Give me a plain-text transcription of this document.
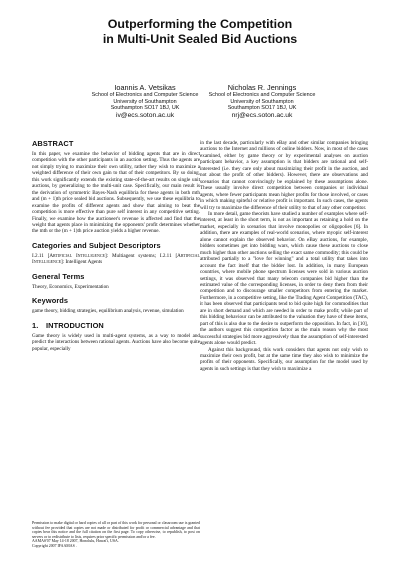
Outperforming the Competition
in Multi-Unit Sealed Bid Auctions
Ioannis A. Vetsikas
School of Electronics and Computer Science
University of Southampton
Southampton SO17 1BJ, UK
iv@ecs.soton.ac.uk
Nicholas R. Jennings
School of Electronics and Computer Science
University of Southampton
Southampton SO17 1BJ, UK
nrj@ecs.soton.ac.uk
ABSTRACT

In this paper, we examine the behavior of bidding agents that are in direct competition with the other participants in an auction setting. Thus the agents are not simply trying to maximize their own utility, rather they wish to maximize a weighted difference of their own gain to that of their competitors. By so doing, this work significantly extends the existing state-of-the-art results on single unit auctions, by generalizing to the multi-unit case. Specifically, our main result is the derivation of symmetric Bayes-Nash equilibria for these agents in both mth and (m + 1)th price sealed bid auctions. Subsequently, we use these equilibria to examine the profits of different agents and show that aiming to beat the competition is more effective than pure self interest in any competitive setting. Finally, we examine how the auctioneer's revenue is affected and find that the weight that agents place in minimizing the opponents' profit determines whether the mth or the (m + 1)th price auction yields a higher revenue.

Categories and Subject Descriptors

I.2.11 [Artificial Intelligence]: Multiagent systems; I.2.11 [Artificial Intelligence]: Intelligent Agents

General Terms

Theory, Economics, Experimentation

Keywords

game theory, bidding strategies, equilibrium analysis, revenue, simulation

1. INTRODUCTION

Game theory is widely used in multi-agent systems, as a way to model and predict the interactions between rational agents. Auctions have also become quite popular, especially

Permission to make digital or hard copies of all or part of this work for personal or classroom use is granted without fee provided that copies are not made or distributed for profit or commercial advantage and that copies bear this notice and the full citation on the first page. To copy otherwise, to republish, to post on servers or to redistribute to lists, requires prior specific permission and/or a fee.
AAMAS'07 May 14-18 2007, Honolulu, Hawai'i, USA.
Copyright 2007 IFAAMAS .

in the last decade, particularly with eBay and other similar companies bringing auctions to the Internet and millions of online bidders. Now, in most of the cases examined, either by game theory or by experimental analyses on auction participant behavior, a key assumption is that bidders are rational and self-interested (i.e. they care only about maximizing their profit in the auction, and not about the profit of other bidders). However, there are observations and scenarios that cannot convincingly be explained by these assumptions alone. These usually involve direct competition between companies or individual agents, where fewer participants mean higher profits for those involved, or cases in which making spiteful or relative profit is important. In such cases, the agents will try to maximize the difference of their utility to that of any other competitor.

In more detail, game theorists have studied a number of examples where self-interest, at least in the short term, is not as important as retaining a hold on the market, especially in scenarios that involve monopolies or oligopolies [6]. In addition, there are examples of real-world scenarios, where myopic self-interest alone cannot explain the observed behavior. On eBay auctions, for example, bidders sometimes get into bidding wars, which cause these auctions to close much higher than other auctions selling the exact same commodity; this could be attributed partially to a "love for winning" and a total utility that takes into account the fact itself that the bidder lost. In addition, in many European countries, where mobile phone spectrum licenses were sold in various auction settings, it was observed that many telecom companies bid higher than the estimated value of the corresponding licenses, in order to deny them from their competition and to discourage smaller competitors from entering the market. Furthermore, in a competitive setting, like the Trading Agent Competition (TAC), it has been observed that participants tend to bid quite high for commodities that are in short demand and which are needed in order to make profit; while part of this bidding behaviour can be attributed to the valuation they have of these items, part of this is also due to the desire to outperform the opposition. In fact, in [10], the authors suggest this competition factor as the main reason why the most successful strategies bid more aggressively than the assumption of self-interested agents alone would predict.

Against this background, this work considers that agents not only wish to maximize their own profit, but at the same time they also wish to minimize the profits of their opponents. Specifically, our assumption for the model used by agents in such settings is that they wish to maximize a
